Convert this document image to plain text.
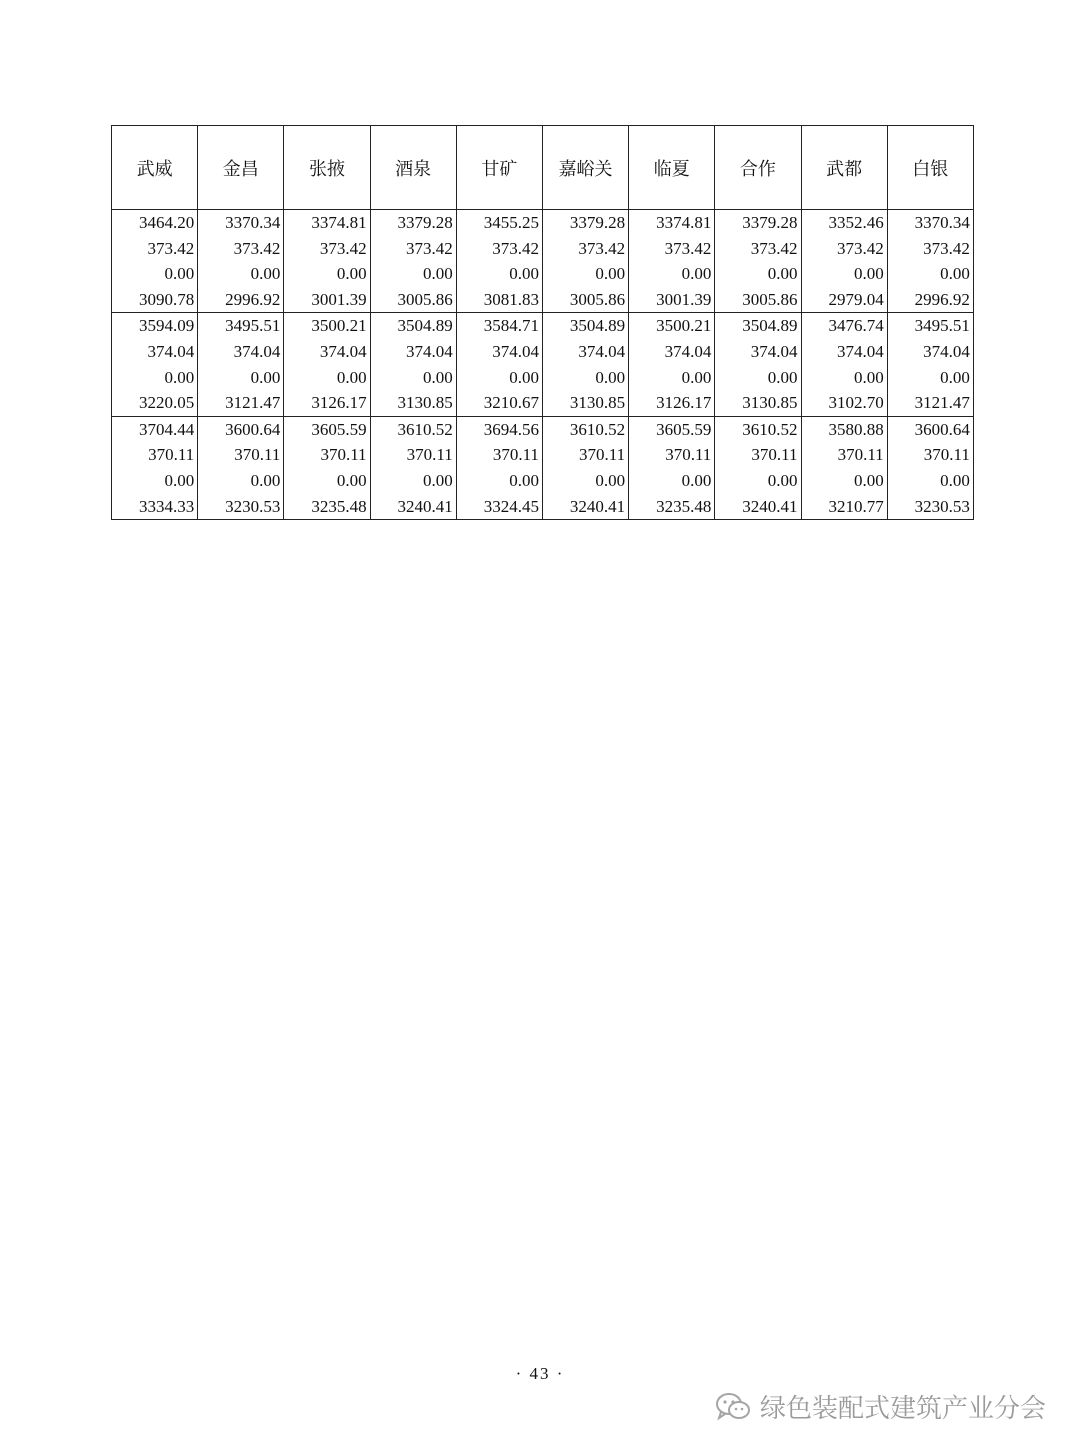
武威	金昌	张掖	酒泉	甘矿	嘉峪关	临夏	合作	武都	白银
3464.20	3370.34	3374.81	3379.28	3455.25	3379.28	3374.81	3379.28	3352.46	3370.34
373.42	373.42	373.42	373.42	373.42	373.42	373.42	373.42	373.42	373.42
0.00	0.00	0.00	0.00	0.00	0.00	0.00	0.00	0.00	0.00
3090.78	2996.92	3001.39	3005.86	3081.83	3005.86	3001.39	3005.86	2979.04	2996.92
3594.09	3495.51	3500.21	3504.89	3584.71	3504.89	3500.21	3504.89	3476.74	3495.51
374.04	374.04	374.04	374.04	374.04	374.04	374.04	374.04	374.04	374.04
0.00	0.00	0.00	0.00	0.00	0.00	0.00	0.00	0.00	0.00
3220.05	3121.47	3126.17	3130.85	3210.67	3130.85	3126.17	3130.85	3102.70	3121.47
3704.44	3600.64	3605.59	3610.52	3694.56	3610.52	3605.59	3610.52	3580.88	3600.64
370.11	370.11	370.11	370.11	370.11	370.11	370.11	370.11	370.11	370.11
0.00	0.00	0.00	0.00	0.00	0.00	0.00	0.00	0.00	0.00
3334.33	3230.53	3235.48	3240.41	3324.45	3240.41	3235.48	3240.41	3210.77	3230.53
· 43 ·
绿色装配式建筑产业分会
